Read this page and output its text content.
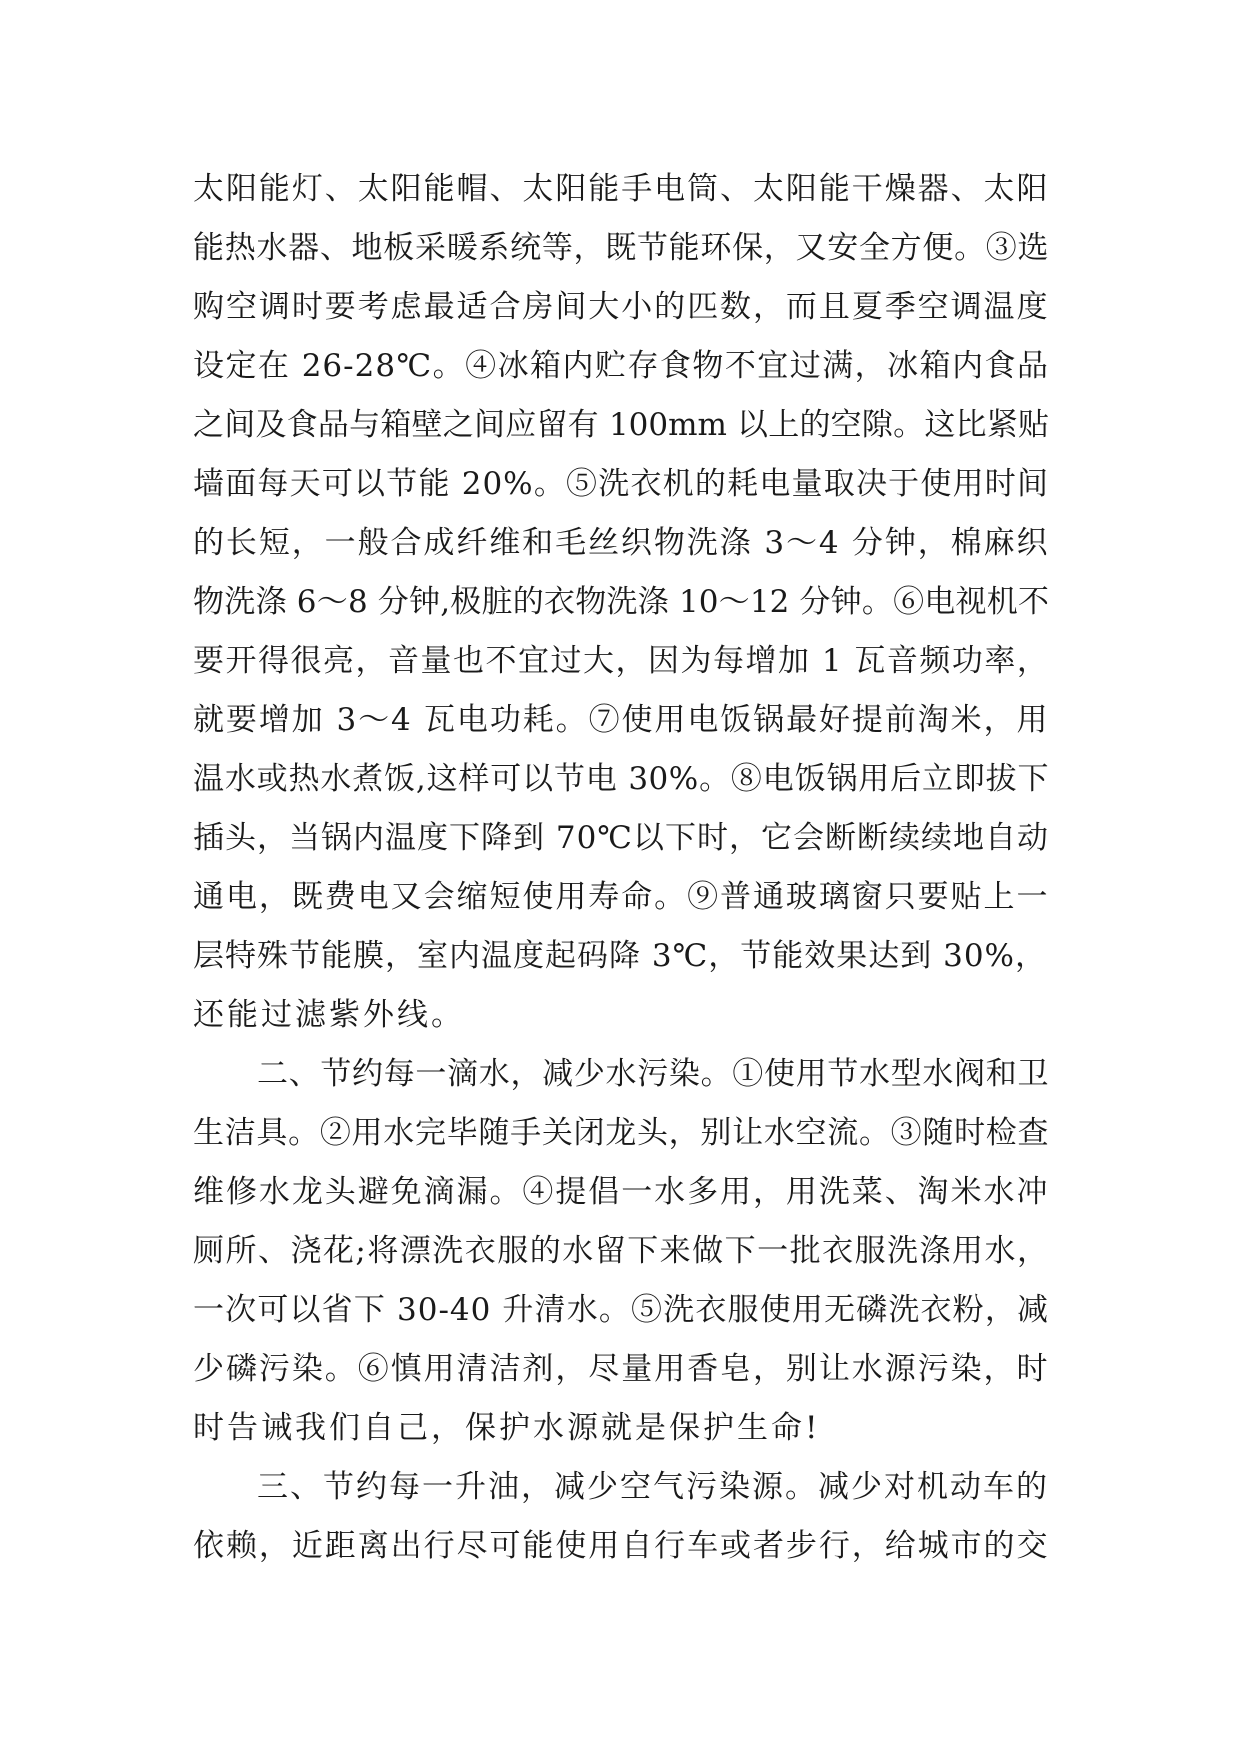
太阳能灯、太阳能帽、太阳能手电筒、太阳能干燥器、太阳
能热水器、地板采暖系统等，既节能环保，又安全方便。③选
购空调时要考虑最适合房间大小的匹数，而且夏季空调温度
设定在 26-28℃。④冰箱内贮存食物不宜过满，冰箱内食品
之间及食品与箱壁之间应留有 100mm 以上的空隙。这比紧贴
墙面每天可以节能 20%。⑤洗衣机的耗电量取决于使用时间
的长短，一般合成纤维和毛丝织物洗涤 3～4 分钟，棉麻织
物洗涤 6～8 分钟,极脏的衣物洗涤 10～12 分钟。⑥电视机不
要开得很亮，音量也不宜过大，因为每增加 1 瓦音频功率，
就要增加 3～4 瓦电功耗。⑦使用电饭锅最好提前淘米，用
温水或热水煮饭,这样可以节电 30%。⑧电饭锅用后立即拔下
插头，当锅内温度下降到 70℃以下时，它会断断续续地自动
通电，既费电又会缩短使用寿命。⑨普通玻璃窗只要贴上一
层特殊节能膜，室内温度起码降 3℃，节能效果达到 30%，
还能过滤紫外线。
二、节约每一滴水，减少水污染。①使用节水型水阀和卫
生洁具。②用水完毕随手关闭龙头，别让水空流。③随时检查
维修水龙头避免滴漏。④提倡一水多用，用洗菜、淘米水冲
厕所、浇花;将漂洗衣服的水留下来做下一批衣服洗涤用水，
一次可以省下 30-40 升清水。⑤洗衣服使用无磷洗衣粉，减
少磷污染。⑥慎用清洁剂，尽量用香皂，别让水源污染，时
时告诫我们自己，保护水源就是保护生命!
三、节约每一升油，减少空气污染源。减少对机动车的
依赖，近距离出行尽可能使用自行车或者步行，给城市的交
